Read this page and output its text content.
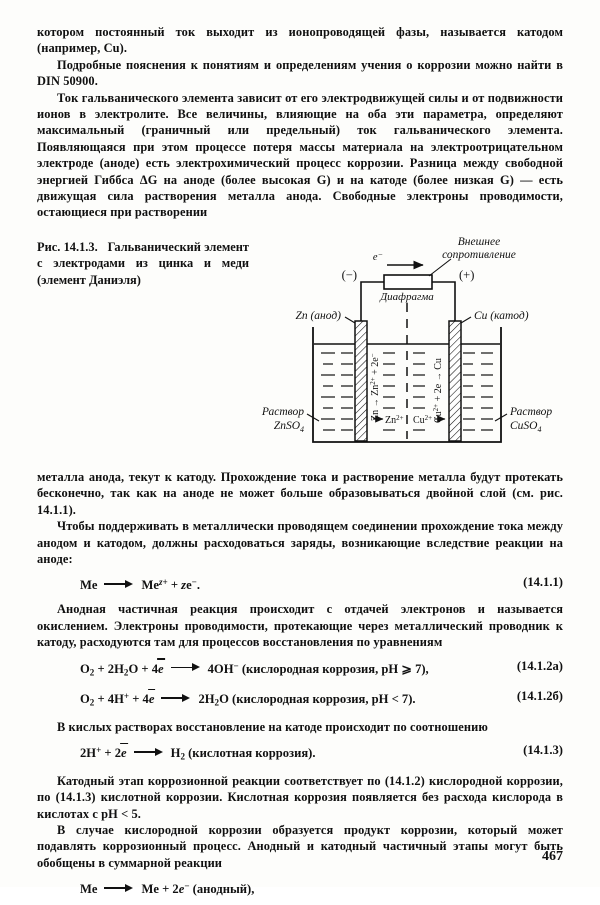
котором постоянный ток выходит из ионопроводящей фазы, называется катодом (например, Cu).

Подробные пояснения к понятиям и определениям учения о коррозии можно найти в DIN 50900.

Ток гальванического элемента зависит от его электродвижущей силы и от подвижности ионов в электролите. Все величины, влияющие на оба эти параметра, определяют максимальный (граничный или предельный) ток гальванического элемента. Появляющаяся при этом процессе потеря массы материала на электроотрицательном электроде (аноде) есть электрохимический процесс коррозии. Разница между свободной энергией Гиббса ΔG на аноде (более высокая G) и на катоде (более низкая G) — есть движущая сила растворения металла анода. Свободные электроны проводимости, остающиеся при растворении

Рис. 14.1.3. Гальванический элемент с электродами из цинка и меди (элемент Даниэля)
e−
Внешнее
сопротивление
(−)	(+)
Диафрагма
Zn (анод)	Cu (катод)
$Zn \to Zn^{2+} + 2e^-$
$Cu^{2+} + 2e \to Cu$
$Zn^{2+}$ $Cu^{2+}$
Раствор
ZnSO$_4$
Раствор
CuSO$_4$

металла анода, текут к катоду. Прохождение тока и растворение металла будут протекать бесконечно, так как на аноде не может больше образовываться двойной слой (см. рис. 14.1.1).

Чтобы поддерживать в металлически проводящем соединении прохождение тока между анодом и катодом, должны расходоваться заряды, возникающие вследствие реакции на аноде:

Me	$Me^{z+} + ze^-$.	(14.1.1)

Анодная частичная реакция происходит с отдачей электронов и называется окислением. Электроны проводимости, протекающие через металлический проводник к катоду, расходуются там для процессов восстановления по уравнениям

$O_2 + 2H_2O + 4e$	4OH− (кислородная коррозия, pH ⩾ 7),	(14.1.2а)
$O_2 + 4H^+ + 4e$	$2H_2O$ (кислородная коррозия, pH < 7).	(14.1.2б)

В кислых растворах восстановление на катоде происходит по соотношению

2H+ + 2e	$H_2$ (кислотная коррозия).	(14.1.3)

Катодный этап коррозионной реакции соответствует по (14.1.2) кислородной коррозии, по (14.1.3) кислотной коррозии. Кислотная коррозия появляется без расхода кислорода в кислотах с pH < 5.

В случае кислородной коррозии образуется продукт коррозии, который может подавлять коррозионный процесс. Анодный и катодный частичный этапы могут быть обобщены в суммарной реакции

Me	Me + 2e− (анодный),
467
